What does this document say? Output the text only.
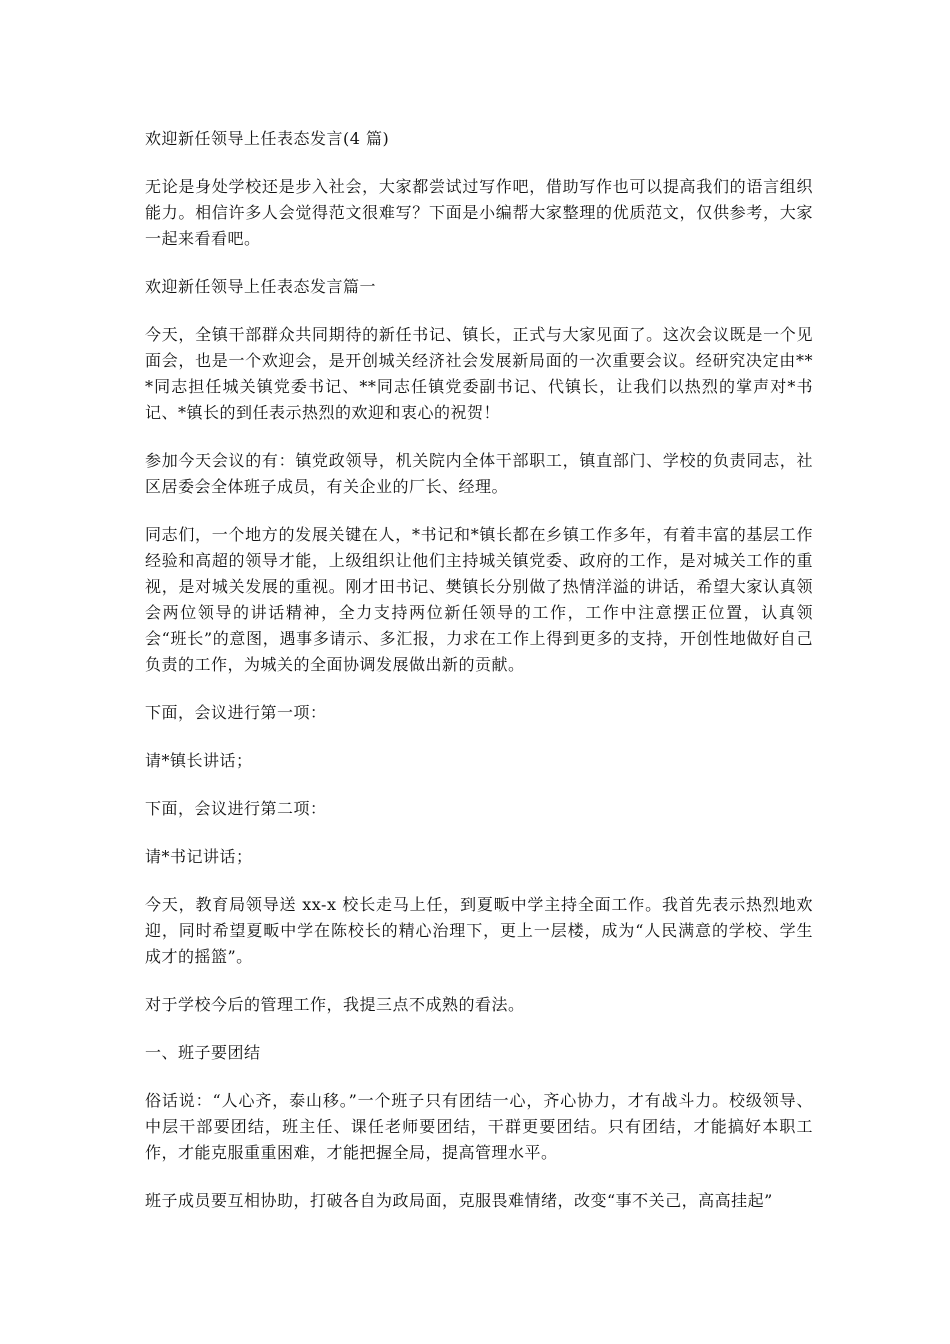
欢迎新任领导上任表态发言(4 篇)

无论是身处学校还是步入社会，大家都尝试过写作吧，借助写作也可以提高我们的语言组织能力。相信许多人会觉得范文很难写？下面是小编帮大家整理的优质范文，仅供参考，大家一起来看看吧。

欢迎新任领导上任表态发言篇一

今天，全镇干部群众共同期待的新任书记、镇长，正式与大家见面了。这次会议既是一个见面会，也是一个欢迎会，是开创城关经济社会发展新局面的一次重要会议。经研究决定由***同志担任城关镇党委书记、**同志任镇党委副书记、代镇长，让我们以热烈的掌声对*书记、*镇长的到任表示热烈的欢迎和衷心的祝贺！

参加今天会议的有：镇党政领导，机关院内全体干部职工，镇直部门、学校的负责同志，社区居委会全体班子成员，有关企业的厂长、经理。

同志们，一个地方的发展关键在人，*书记和*镇长都在乡镇工作多年，有着丰富的基层工作经验和高超的领导才能，上级组织让他们主持城关镇党委、政府的工作，是对城关工作的重视，是对城关发展的重视。刚才田书记、樊镇长分别做了热情洋溢的讲话，希望大家认真领会两位领导的讲话精神，全力支持两位新任领导的工作，工作中注意摆正位置，认真领会“班长”的意图，遇事多请示、多汇报，力求在工作上得到更多的支持，开创性地做好自己负责的工作，为城关的全面协调发展做出新的贡献。

下面，会议进行第一项：

请*镇长讲话；

下面，会议进行第二项：

请*书记讲话；

今天，教育局领导送 xx-x 校长走马上任，到夏畈中学主持全面工作。我首先表示热烈地欢迎，同时希望夏畈中学在陈校长的精心治理下，更上一层楼，成为“人民满意的学校、学生成才的摇篮”。

对于学校今后的管理工作，我提三点不成熟的看法。

一、班子要团结

俗话说：“人心齐，泰山移。”一个班子只有团结一心，齐心协力，才有战斗力。校级领导、中层干部要团结，班主任、课任老师要团结，干群更要团结。只有团结，才能搞好本职工作，才能克服重重困难，才能把握全局，提高管理水平。

班子成员要互相协助，打破各自为政局面，克服畏难情绪，改变“事不关己，高高挂起”
